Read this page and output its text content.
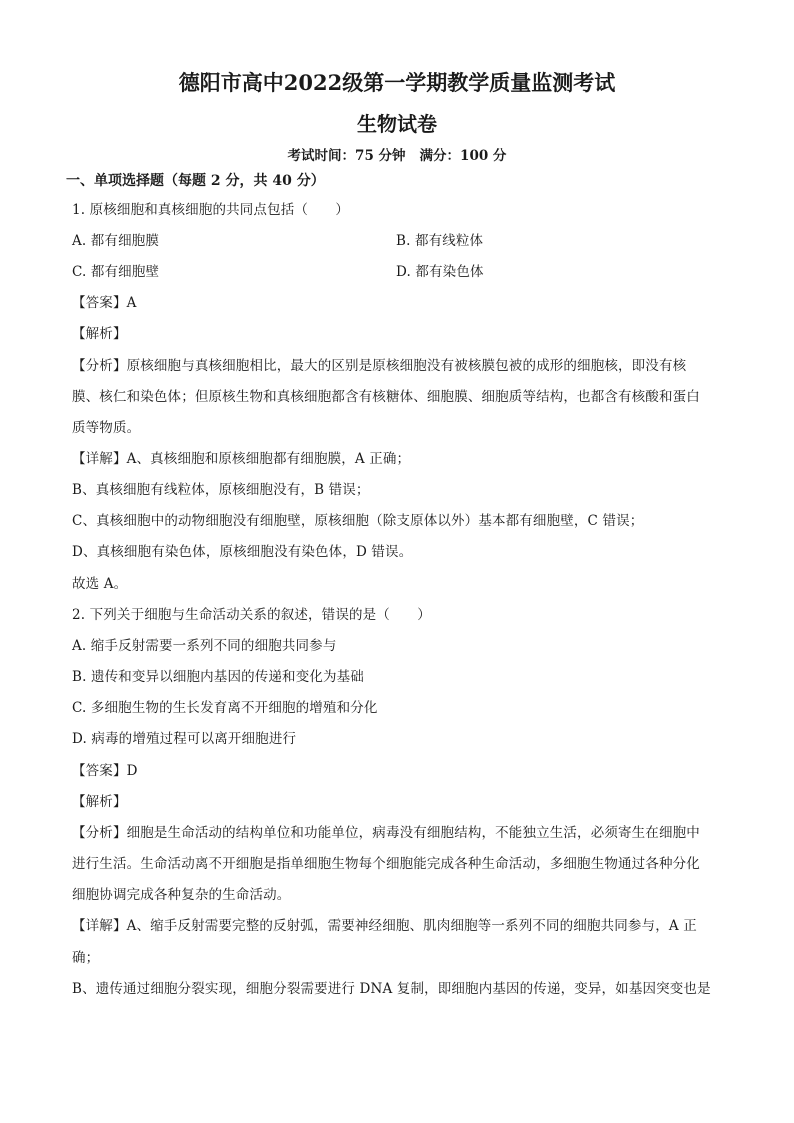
德阳市高中2022级第一学期教学质量监测考试
生物试卷
考试时间：75 分钟 满分：100 分
一、单项选择题（每题 2 分，共 40 分）
1. 原核细胞和真核细胞的共同点包括（　　）
A. 都有细胞膜	B. 都有线粒体
C. 都有细胞壁	D. 都有染色体
【答案】A
【解析】
【分析】原核细胞与真核细胞相比，最大的区别是原核细胞没有被核膜包被的成形的细胞核，即没有核
膜、核仁和染色体；但原核生物和真核细胞都含有核糖体、细胞膜、细胞质等结构，也都含有核酸和蛋白
质等物质。
【详解】A、真核细胞和原核细胞都有细胞膜，A 正确；
B、真核细胞有线粒体，原核细胞没有，B 错误；
C、真核细胞中的动物细胞没有细胞壁，原核细胞（除支原体以外）基本都有细胞壁，C 错误；
D、真核细胞有染色体，原核细胞没有染色体，D 错误。
故选 A。
2. 下列关于细胞与生命活动关系的叙述，错误的是（　　）
A. 缩手反射需要一系列不同的细胞共同参与
B. 遗传和变异以细胞内基因的传递和变化为基础
C. 多细胞生物的生长发育离不开细胞的增殖和分化
D. 病毒的增殖过程可以离开细胞进行
【答案】D
【解析】
【分析】细胞是生命活动的结构单位和功能单位，病毒没有细胞结构，不能独立生活，必须寄生在细胞中
进行生活。生命活动离不开细胞是指单细胞生物每个细胞能完成各种生命活动，多细胞生物通过各种分化
细胞协调完成各种复杂的生命活动。
【详解】A、缩手反射需要完整的反射弧，需要神经细胞、肌肉细胞等一系列不同的细胞共同参与，A 正
确；
B、遗传通过细胞分裂实现，细胞分裂需要进行 DNA 复制，即细胞内基因的传递，变异，如基因突变也是
